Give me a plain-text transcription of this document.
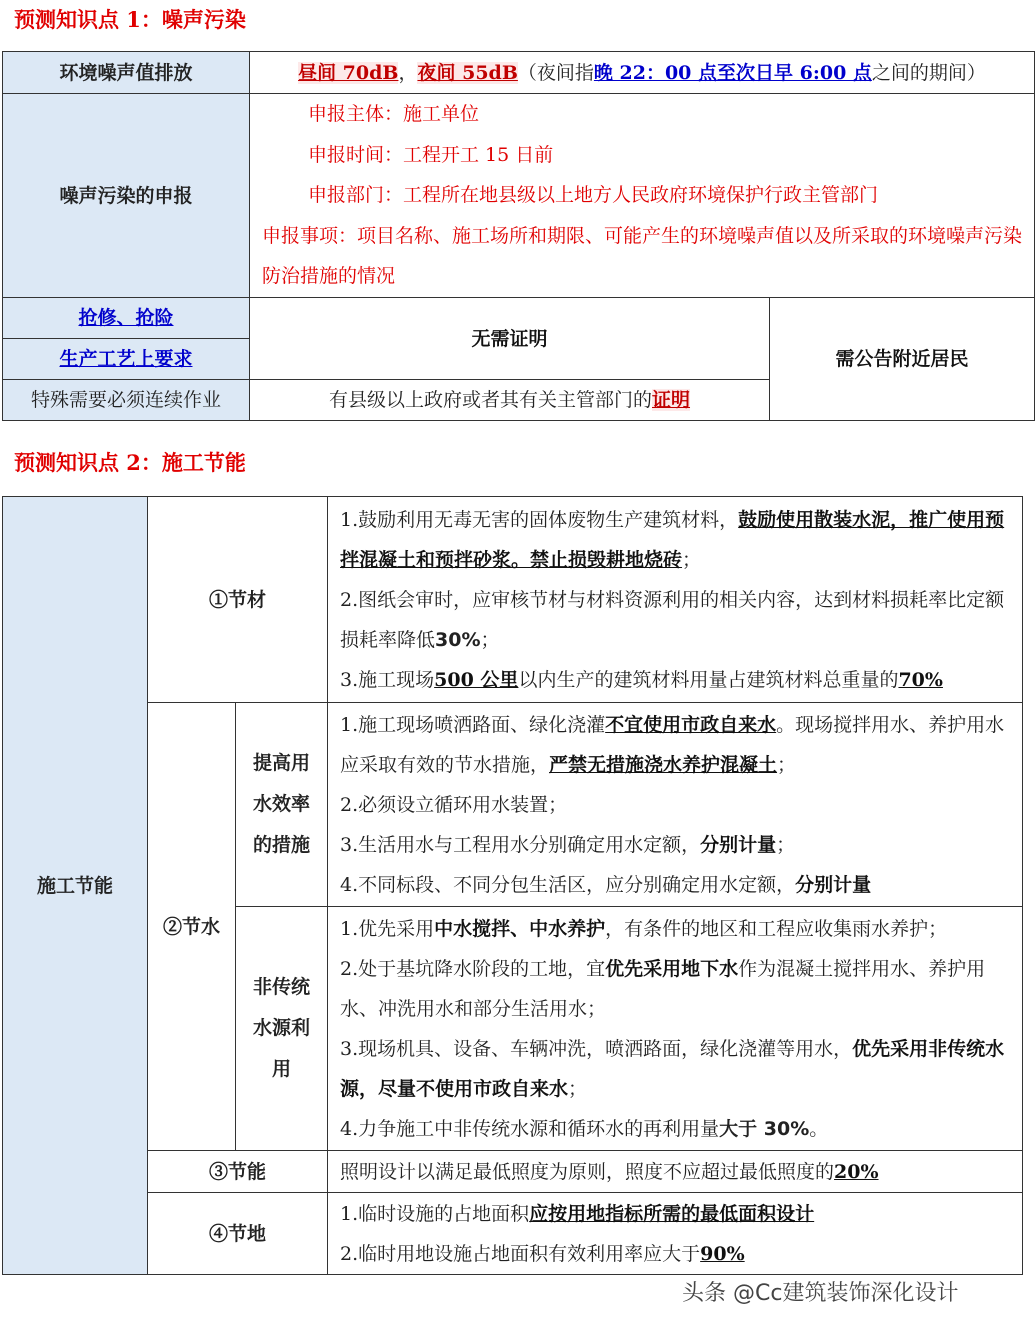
预测知识点 1：噪声污染
环境噪声值排放	昼间 70dB，夜间 55dB（夜间指晚 22：00 点至次日早 6:00 点之间的期间）	
噪声污染的申报	申报主体：施工单位

申报时间：工程开工 15 日前

申报部门：工程所在地县级以上地方人民政府环境保护行政主管部门

申报事项：项目名称、施工场所和期限、可能产生的环境噪声值以及所采取的环境噪声污染防治措施的情况	

抢修、抢险	无需证明	需公告附近居民
生产工艺上要求		
特殊需要必须连续作业	有县级以上政府或者其有关主管部门的证明	
预测知识点 2：施工节能
施工节能	①节材		1.鼓励利用无毒无害的固体废物生产建筑材料，鼓励使用散装水泥，推广使用预拌混凝土和预拌砂浆。禁止损毁耕地烧砖；

2.图纸会审时，应审核节材与材料资源利用的相关内容，达到材料损耗率比定额损耗率降低30%；

3.施工现场500 公里以内生产的建筑材料用量占建筑材料总重量的70%

	②节水	提高用水效率的措施	1.施工现场喷洒路面、绿化浇灌不宜使用市政自来水。现场搅拌用水、养护用水应采取有效的节水措施，严禁无措施浇水养护混凝土；

2.必须设立循环用水装置；

3.生活用水与工程用水分别确定用水定额，分别计量；

4.不同标段、不同分包生活区，应分别确定用水定额，分别计量

		非传统水源利用	1.优先采用中水搅拌、中水养护，有条件的地区和工程应收集雨水养护；

2.处于基坑降水阶段的工地，宜优先采用地下水作为混凝土搅拌用水、养护用水、冲洗用水和部分生活用水；

3.现场机具、设备、车辆冲洗，喷洒路面，绿化浇灌等用水，优先采用非传统水源，尽量不使用市政自来水；

4.力争施工中非传统水源和循环水的再利用量大于 30%。

	③节能		照明设计以满足最低照度为原则，照度不应超过最低照度的20%
	④节地		1.临时设施的占地面积应按用地指标所需的最低面积设计

2.临时用地设施占地面积有效利用率应大于90%

头条 @Cc建筑装饰深化设计
